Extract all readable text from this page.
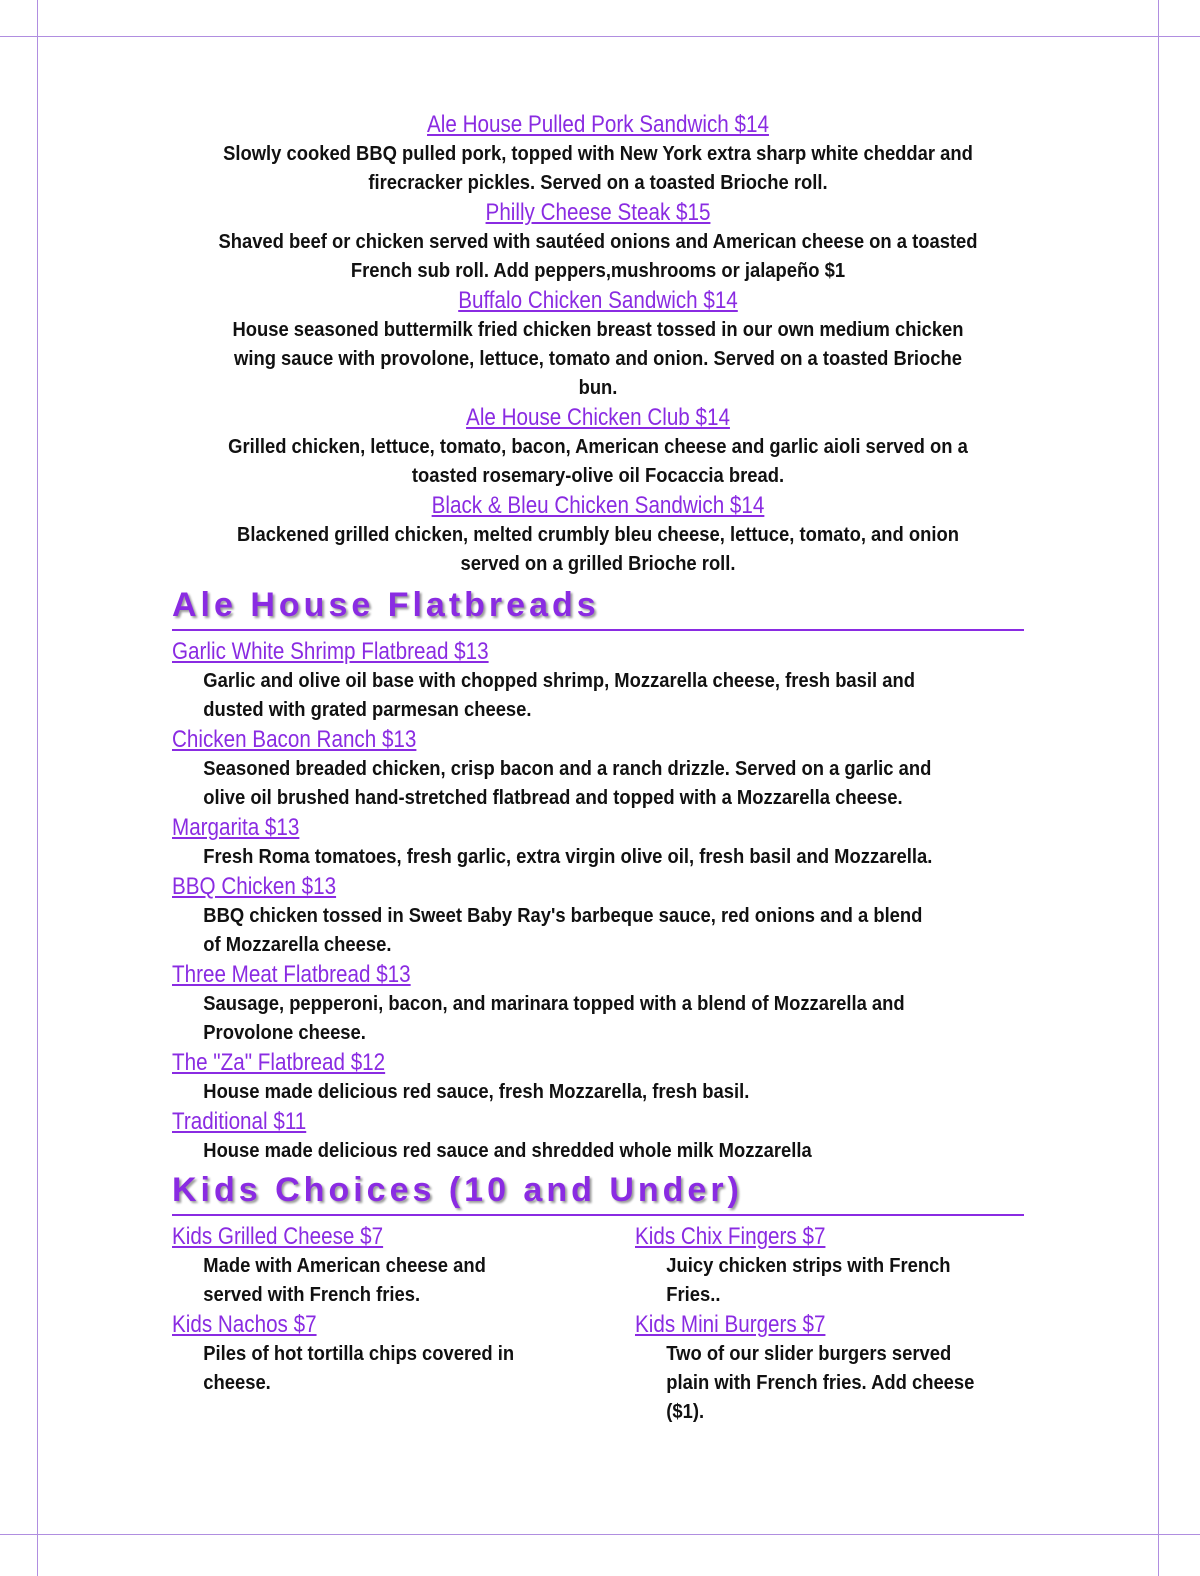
Ale House Pulled Pork Sandwich $14
Slowly cooked BBQ pulled pork, topped with New York extra sharp white cheddar and
firecracker pickles. Served on a toasted Brioche roll.
Philly Cheese Steak $15
Shaved beef or chicken served with sautéed onions and American cheese on a toasted
French sub roll. Add peppers,mushrooms or jalapeño $1
Buffalo Chicken Sandwich $14
House seasoned buttermilk fried chicken breast tossed in our own medium chicken
wing sauce with provolone, lettuce, tomato and onion. Served on a toasted Brioche
bun.
Ale House Chicken Club $14
Grilled chicken, lettuce, tomato, bacon, American cheese and garlic aioli served on a
toasted rosemary-olive oil Focaccia bread.
Black & Bleu Chicken Sandwich $14
Blackened grilled chicken, melted crumbly bleu cheese, lettuce, tomato, and onion
served on a grilled Brioche roll.
Ale House Flatbreads
Garlic White Shrimp Flatbread $13
Garlic and olive oil base with chopped shrimp, Mozzarella cheese, fresh basil and
dusted with grated parmesan cheese.
Chicken Bacon Ranch $13
Seasoned breaded chicken, crisp bacon and a ranch drizzle. Served on a garlic and
olive oil brushed hand-stretched flatbread and topped with a Mozzarella cheese.
Margarita $13
Fresh Roma tomatoes, fresh garlic, extra virgin olive oil, fresh basil and Mozzarella.
BBQ Chicken $13
BBQ chicken tossed in Sweet Baby Ray's barbeque sauce, red onions and a blend
of Mozzarella cheese.
Three Meat Flatbread $13
Sausage, pepperoni, bacon, and marinara topped with a blend of Mozzarella and
Provolone cheese.
The "Za" Flatbread $12
House made delicious red sauce, fresh Mozzarella, fresh basil.
Traditional $11
House made delicious red sauce and shredded whole milk Mozzarella
Kids Choices (10 and Under)
Kids Grilled Cheese $7
Made with American cheese and
served with French fries.
Kids Nachos $7
Piles of hot tortilla chips covered in
cheese.
Kids Chix Fingers $7
Juicy chicken strips with French
Fries..
Kids Mini Burgers $7
Two of our slider burgers served
plain with French fries. Add cheese
($1).
